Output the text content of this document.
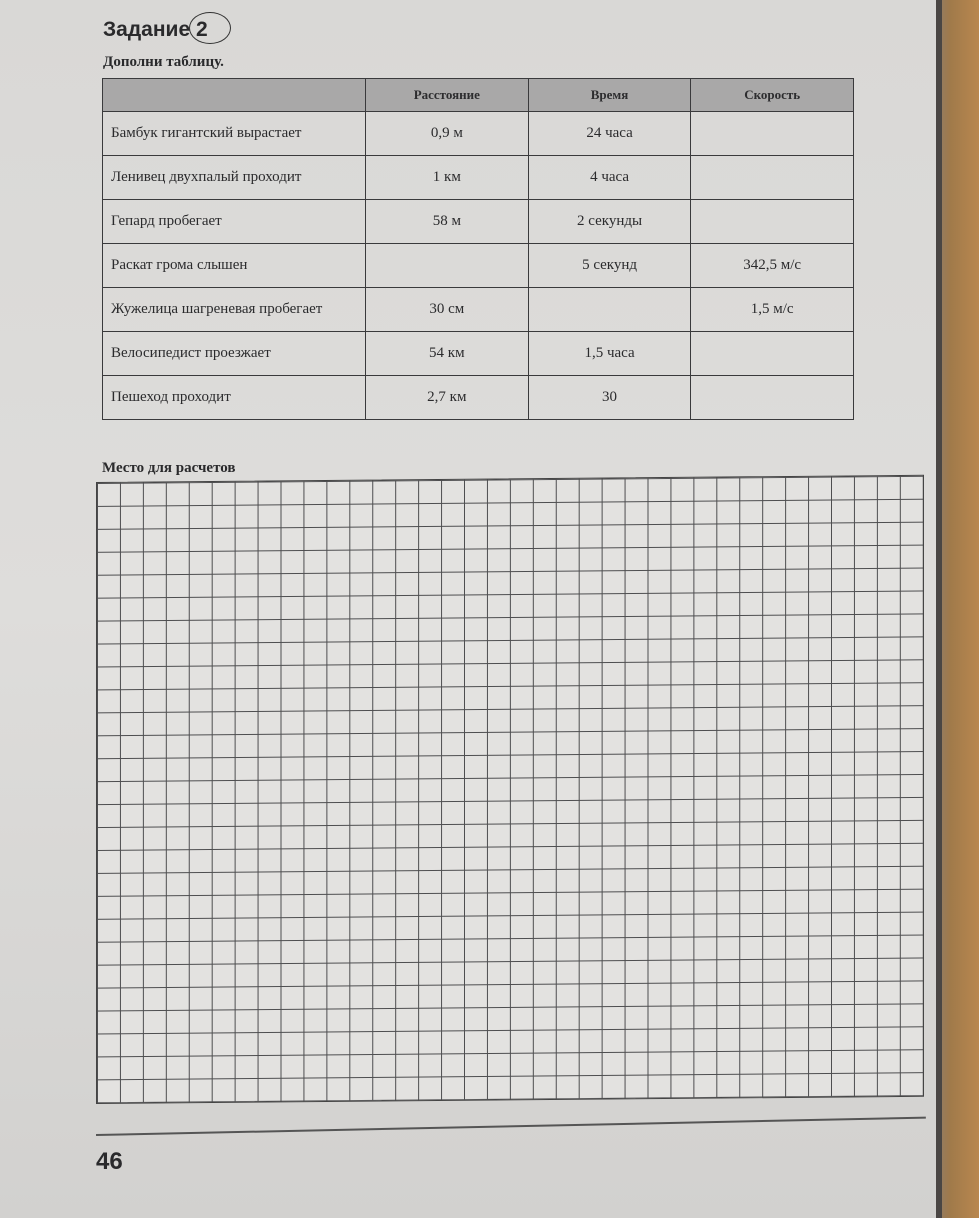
Задание 2
Дополни таблицу.
	Расстояние	Время	Скорость
Бамбук гигантский вырастает	0,9 м	24 часа	
Ленивец двухпалый проходит	1 км	4 часа	
Гепард пробегает	58 м	2 секунды	
Раскат грома слышен		5 секунд	342,5 м/с
Жужелица шагреневая пробегает	30 см		1,5 м/с
Велосипедист проезжает	54 км	1,5 часа	
Пешеход проходит	2,7 км	30	
Место для расчетов
46
